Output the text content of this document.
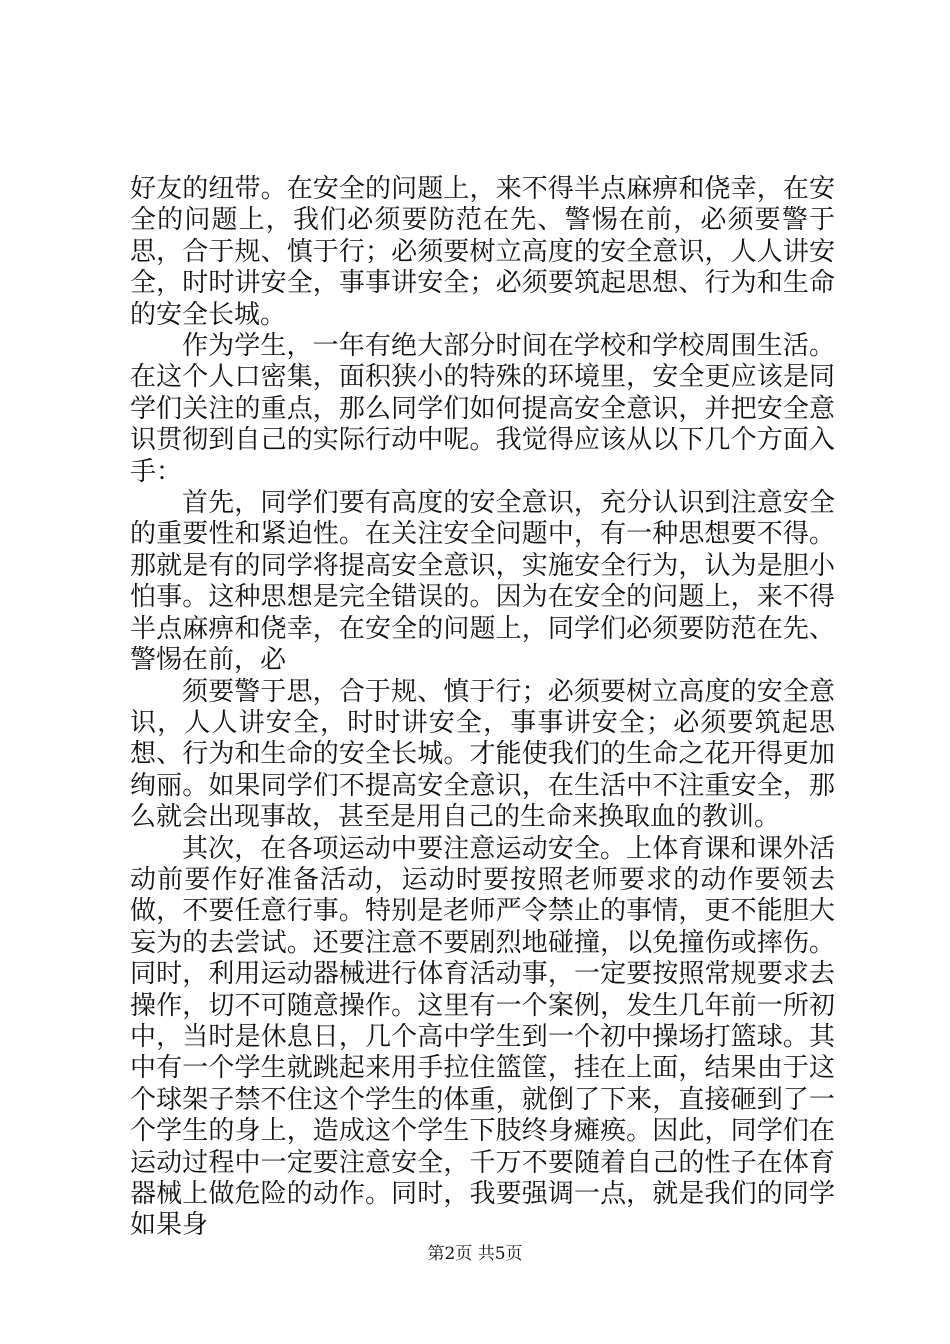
好友的纽带。在安全的问题上，来不得半点麻痹和侥幸，在安全的问题上，我们必须要防范在先、警惕在前，必须要警于思，合于规、慎于行；必须要树立高度的安全意识，人人讲安全，时时讲安全，事事讲安全；必须要筑起思想、行为和生命的安全长城。

作为学生，一年有绝大部分时间在学校和学校周围生活。在这个人口密集，面积狭小的特殊的环境里，安全更应该是同学们关注的重点，那么同学们如何提高安全意识，并把安全意识贯彻到自己的实际行动中呢。我觉得应该从以下几个方面入手：

首先，同学们要有高度的安全意识，充分认识到注意安全的重要性和紧迫性。在关注安全问题中，有一种思想要不得。那就是有的同学将提高安全意识，实施安全行为，认为是胆小怕事。这种思想是完全错误的。因为在安全的问题上，来不得半点麻痹和侥幸，在安全的问题上，同学们必须要防范在先、警惕在前，必

须要警于思，合于规、慎于行；必须要树立高度的安全意识，人人讲安全，时时讲安全，事事讲安全；必须要筑起思想、行为和生命的安全长城。才能使我们的生命之花开得更加绚丽。如果同学们不提高安全意识，在生活中不注重安全，那么就会出现事故，甚至是用自己的生命来换取血的教训。

其次，在各项运动中要注意运动安全。上体育课和课外活动前要作好准备活动，运动时要按照老师要求的动作要领去做，不要任意行事。特别是老师严令禁止的事情，更不能胆大妄为的去尝试。还要注意不要剧烈地碰撞，以免撞伤或摔伤。同时，利用运动器械进行体育活动事，一定要按照常规要求去操作，切不可随意操作。这里有一个案例，发生几年前一所初中，当时是休息日，几个高中学生到一个初中操场打篮球。其中有一个学生就跳起来用手拉住篮筐，挂在上面，结果由于这个球架子禁不住这个学生的体重，就倒了下来，直接砸到了一个学生的身上，造成这个学生下肢终身瘫痪。因此，同学们在运动过程中一定要注意安全，千万不要随着自己的性子在体育器械上做危险的动作。同时，我要强调一点，就是我们的同学如果身

第2页 共5页
